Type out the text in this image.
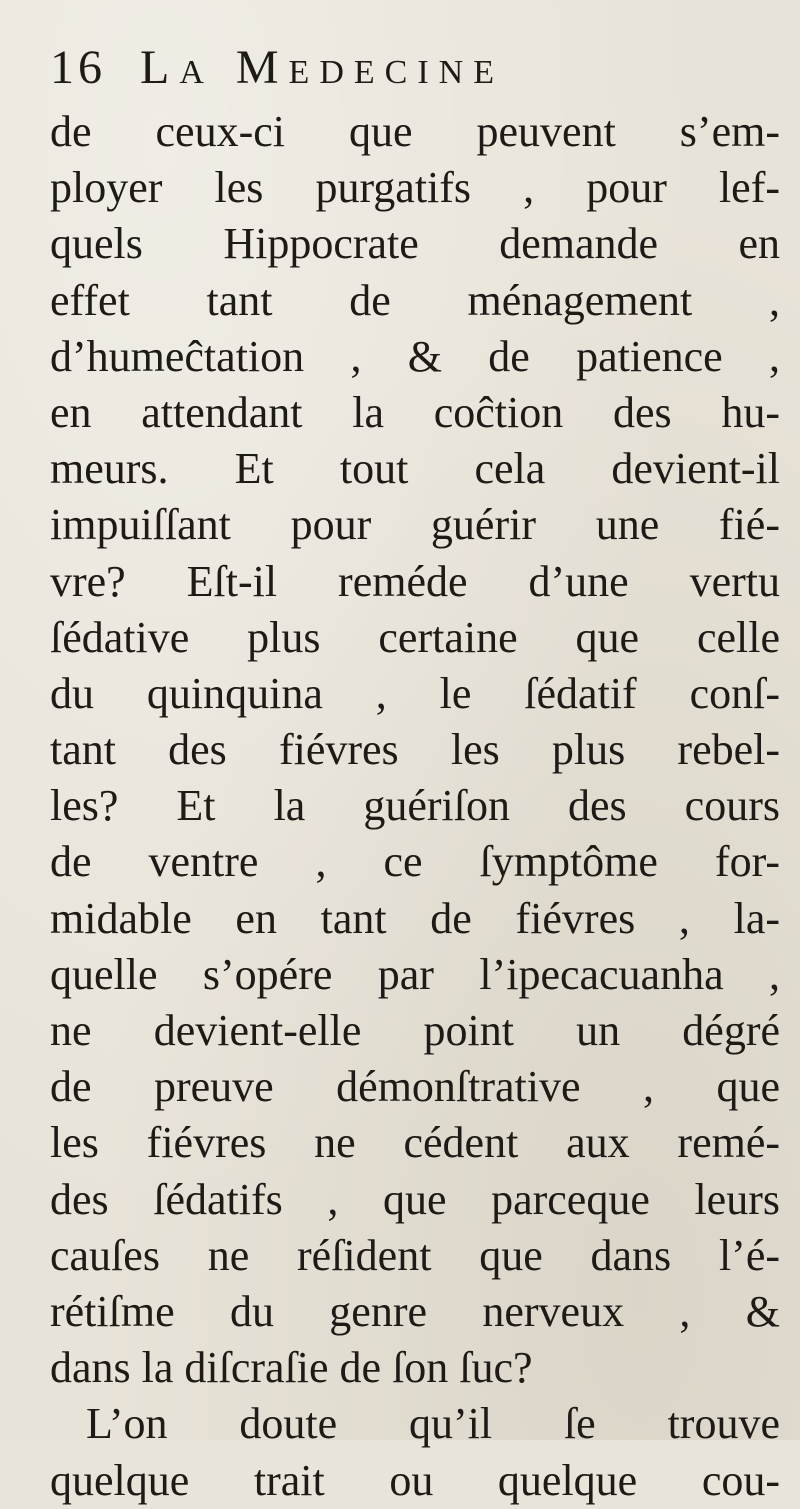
16 La Medecine
de ceux-ci que peuvent s’em-
ployer les purgatifs , pour lef-
quels Hippocrate demande en
effet tant de ménagement ,
d’humeĉtation , & de patience ,
en attendant la coĉtion des hu-
meurs. Et tout cela devient-il
impuiſſant pour guérir une fié-
vre? Eſt-il reméde d’une vertu
ſédative plus certaine que celle
du quinquina , le ſédatif conſ-
tant des fiévres les plus rebel-
les? Et la guériſon des cours
de ventre , ce ſymptôme for-
midable en tant de fiévres , la-
quelle s’opére par l’ipecacuanha ,
ne devient-elle point un dégré
de preuve démonſtrative , que
les fiévres ne cédent aux remé-
des ſédatifs , que parceque leurs
cauſes ne réſident que dans l’é-
rétiſme du genre nerveux , &
dans la diſcraſie de ſon ſuc?
L’on doute qu’il ſe trouve
quelque trait ou quelque cou-
